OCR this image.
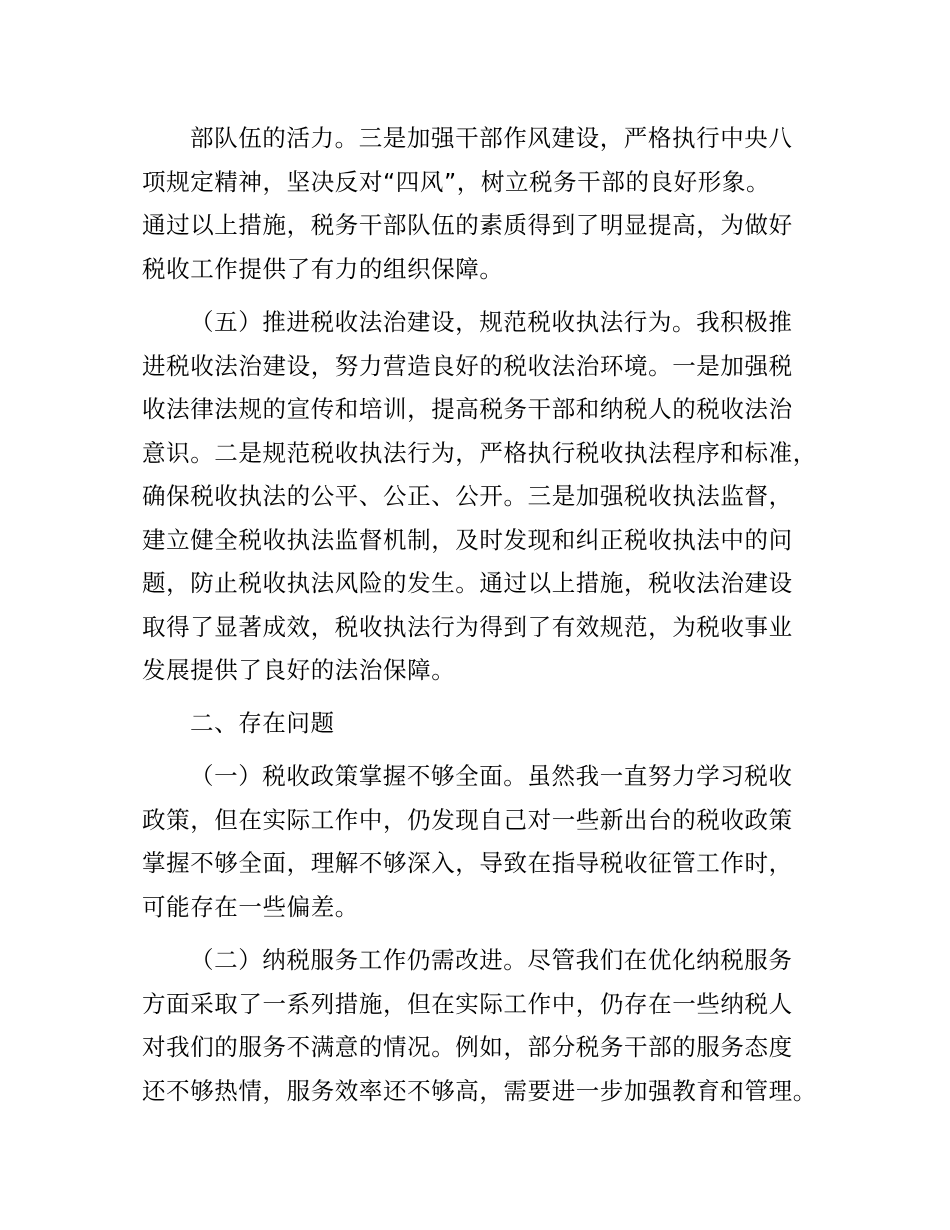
部队伍的活力。三是加强干部作风建设，严格执行中央八

项规定精神，坚决反对“四风”，树立税务干部的良好形象。

通过以上措施，税务干部队伍的素质得到了明显提高，为做好

税收工作提供了有力的组织保障。

（五）推进税收法治建设，规范税收执法行为。我积极推

进税收法治建设，努力营造良好的税收法治环境。一是加强税

收法律法规的宣传和培训，提高税务干部和纳税人的税收法治

意识。二是规范税收执法行为，严格执行税收执法程序和标准，

确保税收执法的公平、公正、公开。三是加强税收执法监督，

建立健全税收执法监督机制，及时发现和纠正税收执法中的问

题，防止税收执法风险的发生。通过以上措施，税收法治建设

取得了显著成效，税收执法行为得到了有效规范，为税收事业

发展提供了良好的法治保障。

二、存在问题

（一）税收政策掌握不够全面。虽然我一直努力学习税收

政策，但在实际工作中，仍发现自己对一些新出台的税收政策

掌握不够全面，理解不够深入，导致在指导税收征管工作时，

可能存在一些偏差。

（二）纳税服务工作仍需改进。尽管我们在优化纳税服务

方面采取了一系列措施，但在实际工作中，仍存在一些纳税人

对我们的服务不满意的情况。例如，部分税务干部的服务态度

还不够热情，服务效率还不够高，需要进一步加强教育和管理。
